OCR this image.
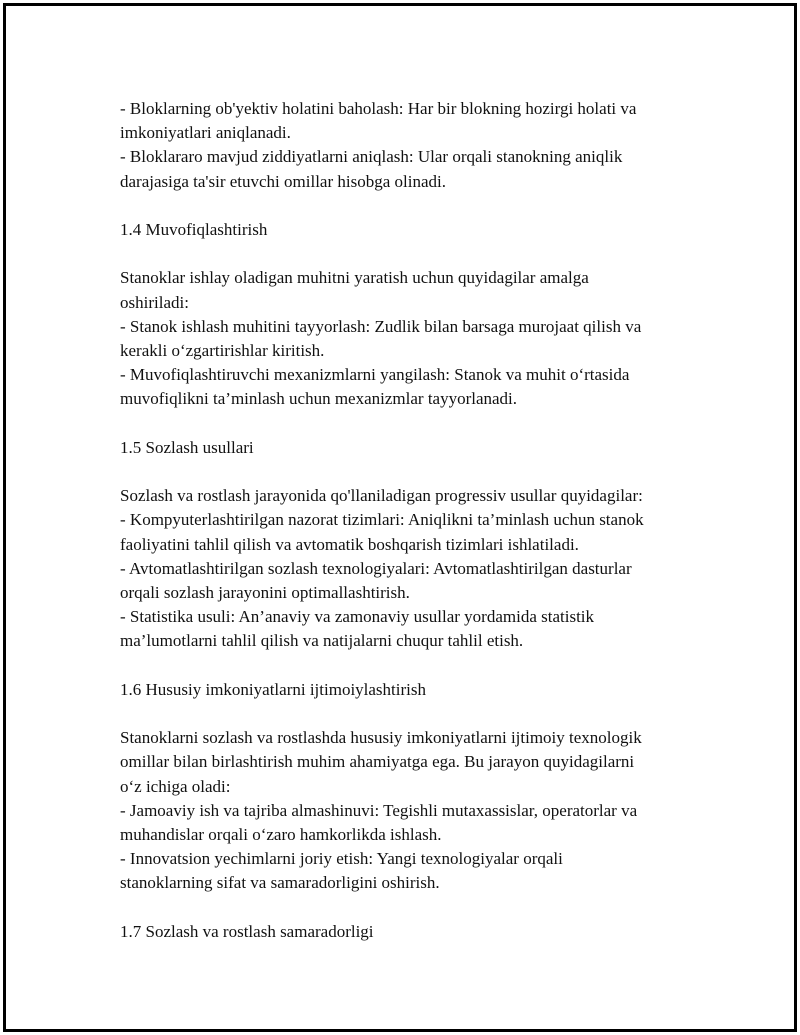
- Bloklarning ob'yektiv holatini baholash: Har bir blokning hozirgi holati va

imkoniyatlari aniqlanadi.

- Bloklararo mavjud ziddiyatlarni aniqlash: Ular orqali stanokning aniqlik

darajasiga ta'sir etuvchi omillar hisobga olinadi.

1.4 Muvofiqlashtirish

Stanoklar ishlay oladigan muhitni yaratish uchun quyidagilar amalga

oshiriladi:

- Stanok ishlash muhitini tayyorlash: Zudlik bilan barsaga murojaat qilish va

kerakli o‘zgartirishlar kiritish.

- Muvofiqlashtiruvchi mexanizmlarni yangilash: Stanok va muhit o‘rtasida

muvofiqlikni ta’minlash uchun mexanizmlar tayyorlanadi.

1.5 Sozlash usullari

Sozlash va rostlash jarayonida qo'llaniladigan progressiv usullar quyidagilar:

- Kompyuterlashtirilgan nazorat tizimlari: Aniqlikni ta’minlash uchun stanok

faoliyatini tahlil qilish va avtomatik boshqarish tizimlari ishlatiladi.

- Avtomatlashtirilgan sozlash texnologiyalari: Avtomatlashtirilgan dasturlar

orqali sozlash jarayonini optimallashtirish.

- Statistika usuli: An’anaviy va zamonaviy usullar yordamida statistik

ma’lumotlarni tahlil qilish va natijalarni chuqur tahlil etish.

1.6 Hususiy imkoniyatlarni ijtimoiylashtirish

Stanoklarni sozlash va rostlashda hususiy imkoniyatlarni ijtimoiy texnologik

omillar bilan birlashtirish muhim ahamiyatga ega. Bu jarayon quyidagilarni

o‘z ichiga oladi:

- Jamoaviy ish va tajriba almashinuvi: Tegishli mutaxassislar, operatorlar va

muhandislar orqali o‘zaro hamkorlikda ishlash.

- Innovatsion yechimlarni joriy etish: Yangi texnologiyalar orqali

stanoklarning sifat va samaradorligini oshirish.

1.7 Sozlash va rostlash samaradorligi
